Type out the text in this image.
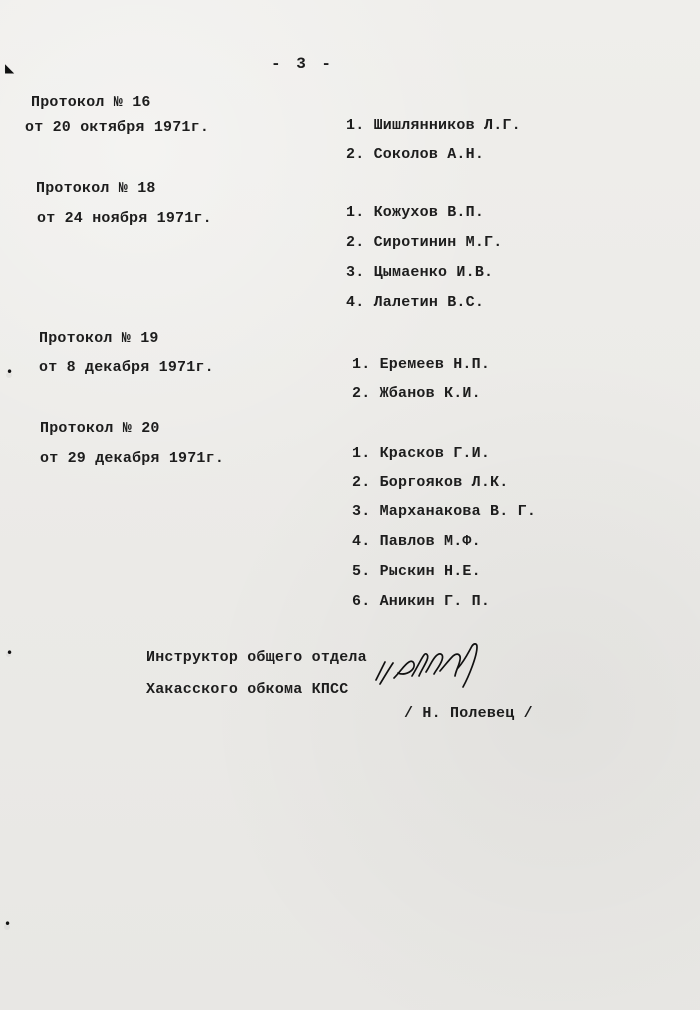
- 3 -
Протокол № 16
от 20 октября 1971г.	1. Шишлянников Л.Г.
2. Соколов А.Н.
Протокол № 18
от 24 ноября 1971г.	1. Кожухов В.П.
2. Сиротинин М.Г.
3. Цымаенко И.В.
4. Лалетин В.С.
Протокол № 19
от 8 декабря 1971г.	1. Еремеев Н.П.
2. Жбанов К.И.
Протокол № 20
от 29 декабря 1971г.	1. Красков Г.И.
2. Боргояков Л.К.
3. Марханакова В. Г.
4. Павлов М.Ф.
5. Рыскин Н.Е.
6. Аникин Г. П.
Инструктор общего отдела
Хакасского обкома КПСС
/ Н. Полевец /
◣
•
•
•
